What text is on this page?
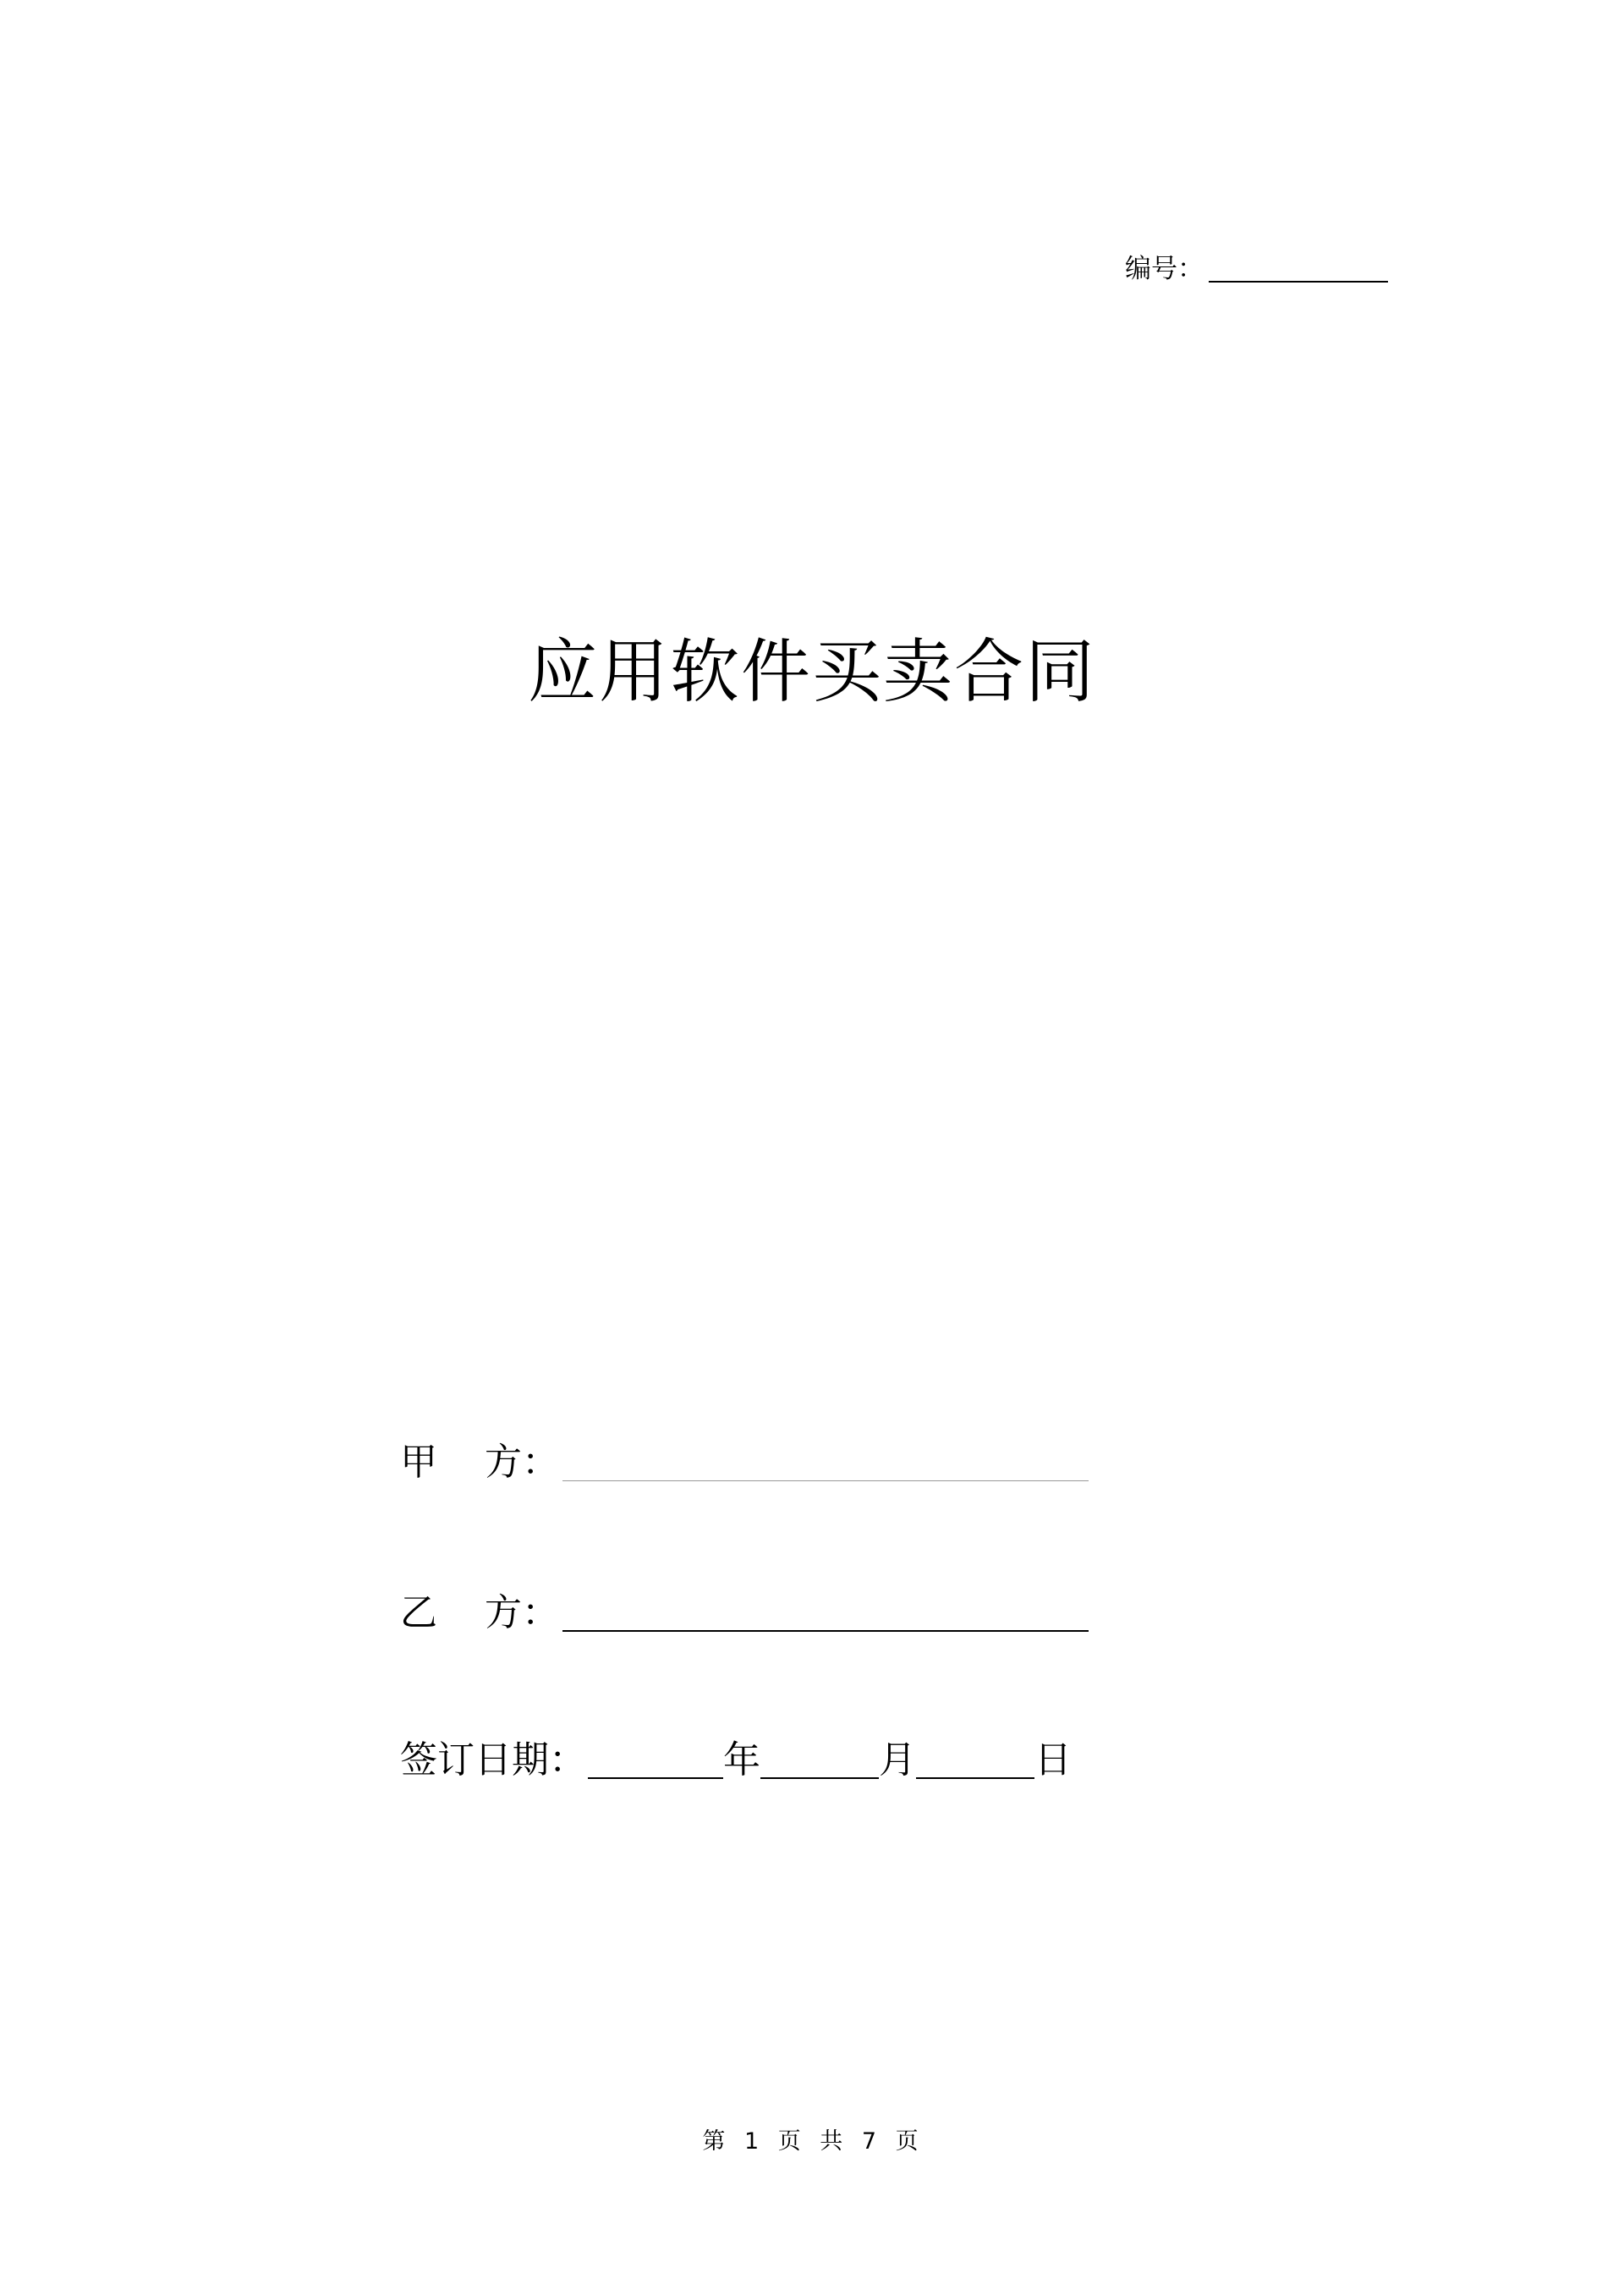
编号：
应用软件买卖合同
甲    方：
乙    方：
签订日期：	年	月	日
第 1 页 共 7 页
